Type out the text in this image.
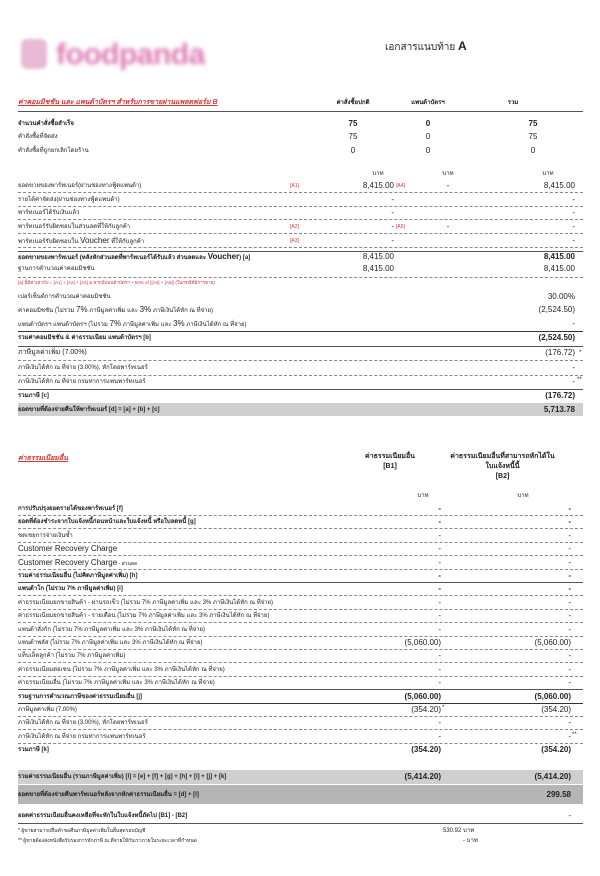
foodpanda	เอกสารแนบท้าย A
ค่าคอมมิชชัน และ แพนด้าบัตรฯ สำหรับการขายผ่านแพลตฟอร์ม B	ค่าสั่งซื้อปกติ	แพนด้าบัตรฯ	รวม
จำนวนคำสั่งซื้อสำเร็จ	75	0	75
คำสั่งซื้อที่จัดส่ง	75	0	75
คำสั่งซื้อที่ถูกยกเลิกโดยร้าน	0	0	0
บาท	บาท	บาท
ยอดขายของพาร์ทเนอร์(ผ่านช่องทางฟู้ดแพนด้า)	[A1]	8,415.00 [A4]	-	8,415.00
รายได้ค่าจัดส่ง(ผ่านช่องทางฟู้ดแพนด้า)	-	-
พาร์ทเนอร์ได้รับเงินแล้ว	-	-
พาร์ทเนอร์รับผิดชอบในส่วนลดที่ให้กับลูกค้า	[A2]	- [A5]	-	-
พาร์ทเนอร์รับผิดชอบใน Voucher ที่ให้กับลูกค้า	[A3]	-	-
ยอดขายของพาร์ทเนอร์ (หลังหักส่วนลดที่พาร์ทเนอร์ได้รับแล้ว ส่วนลดและ Voucher) [a]	8,415.00	8,415.00
ฐานการคำนวณค่าคอมมิชชัน	8,415.00	8,415.00
[a] นี้มีค่าเท่ากับ = [A1] + [A2] + [A3] & หากมีแพนด้าบัตรฯ + 50% of ([A4] + [A5]) (ในกรณีที่มีการขาย)
เปอร์เซ็นต์การคำนวณค่าคอมมิชชัน	30.00%
ค่าคอมมิชชัน (ไม่รวม 7% ภาษีมูลค่าเพิ่ม และ 3% ภาษีเงินได้หัก ณ ที่จ่าย)	(2,524.50)
แพนด้าบัตรฯ แพนด้าบัตรฯ (ไม่รวม 7% ภาษีมูลค่าเพิ่ม และ 3% ภาษีเงินได้หัก ณ ที่จ่าย)	-
รวมค่าคอมมิชชัน & ค่าธรรมเนียม แพนด้าบัตรฯ [b]	(2,524.50)
ภาษีมูลค่าเพิ่ม (7.00%)	(176.72) *
ภาษีเงินได้หัก ณ ที่จ่าย (3.00%), หักโดยพาร์ทเนอร์	-
ภาษีเงินได้หัก ณ ที่จ่าย กรมท่าการแพนพาร์ทเนอร์	- **
รวมภาษี [c]	(176.72)
ยอดขายที่ต้องจ่ายคืนให้พาร์ทเนอร์ [d] = [a] + [b] + [c]	5,713.78
ค่าธรรมเนียมอื่น	ค่าธรรมเนียมอื่น
[B1]
ค่าธรรมเนียมอื่นที่สามารถหักได้ใน
ใบแจ้งหนี้นี้
[B2]
บาท	บาท
การปรับปรุงยอดรายได้ของพาร์ทเนอร์ [f]	-	-
ยอดที่ต้องชำระจากใบแจ้งหนี้ก่อนหน้าและใบแจ้งหนี้ หรือใบลดหนี้ [g]	-	-
ชดเชยการจ่ายเงินซ้ำ	-	-
Customer Recovery Charge	-	-
Customer Recovery Charge - ส่วนลด	-	-
รวมค่าธรรมเนียมอื่น (ไม่คิดภาษีมูลค่าเพิ่ม) [h]	-	-
แพนด้าโก (ไม่รวม 7% ภาษีมูลค่าเพิ่ม) [i]	-	-
ค่าธรรมเนียมยกขายสินค้า - ผ่านรถเข็ว (ไม่รวม 7% ภาษีมูลค่าเพิ่ม และ 3% ภาษีเงินได้หัก ณ ที่จ่าย)	-	-
ค่าธรรมเนียมยกขายสินค้า - รายเดือน (ไม่รวม 7% ภาษีมูลค่าเพิ่ม และ 3% ภาษีเงินได้หัก ณ ที่จ่าย)	-	-
แพนด้าสั่งกัก (ไม่รวม 7% ภาษีมูลค่าเพิ่ม และ 3% ภาษีเงินได้หัก ณ ที่จ่าย)	-	-
แพนด้าพลัส (ไม่รวม 7% ภาษีมูลค่าเพิ่ม และ 3% ภาษีเงินได้หัก ณ ที่จ่าย)	(5,060.00)	(5,060.00)
แท็บเล็ตลูกค้า (ไม่รวม 7% ภาษีมูลค่าเพิ่ม)	-	-
ค่าธรรมเนียมต่อเชน (ไม่รวม 7% ภาษีมูลค่าเพิ่ม และ 3% ภาษีเงินได้หัก ณ ที่จ่าย)	-	-
ค่าธรรมเนียมอื่น (ไม่รวม 7% ภาษีมูลค่าเพิ่ม และ 3% ภาษีเงินได้หัก ณ ที่จ่าย)	-	-
รวมฐานการคำนวณภาษีของค่าธรรมเนียมอื่น [j]	(5,060.00)	(5,060.00)
ภาษีมูลค่าเพิ่ม (7.00%)	(354.20)	(354.20)
*
ภาษีเงินได้หัก ณ ที่จ่าย (3.00%), หักโดยพาร์ทเนอร์	-	-
ภาษีเงินได้หัก ณ ที่จ่าย กรมท่าการแพนพาร์ทเนอร์	-	- **
รวมภาษี [k]	(354.20)	(354.20)
รวมค่าธรรมเนียมอื่น (รวมภาษีมูลค่าเพิ่ม) [l] = [e] + [f] + [g] + [h] + [i] + [j] + [k]	(5,414.20)	(5,414.20)
ยอดขายที่ต้องจ่ายคืนพาร์ทเนอร์หลังจากหักค่าธรรมเนียมอื่น = [d] + [l]	299.58
ยอดค่าธรรมเนียมอื่นคงเหลือที่จะหักในใบแจ้งหนี้ถัดไป [B1] - [B2]	-
* ผู้ขายสามารถยื่นคำขอคืนภาษีมูลค่าเพิ่มในสิ้นสุดรอบบัญชี	530.92 บาท
** ผู้ขายต้องส่งหนังสือรับรองการหักภาษี ณ ที่จ่ายให้กับเราภายในระยะเวลาที่กำหนด	- บาท
